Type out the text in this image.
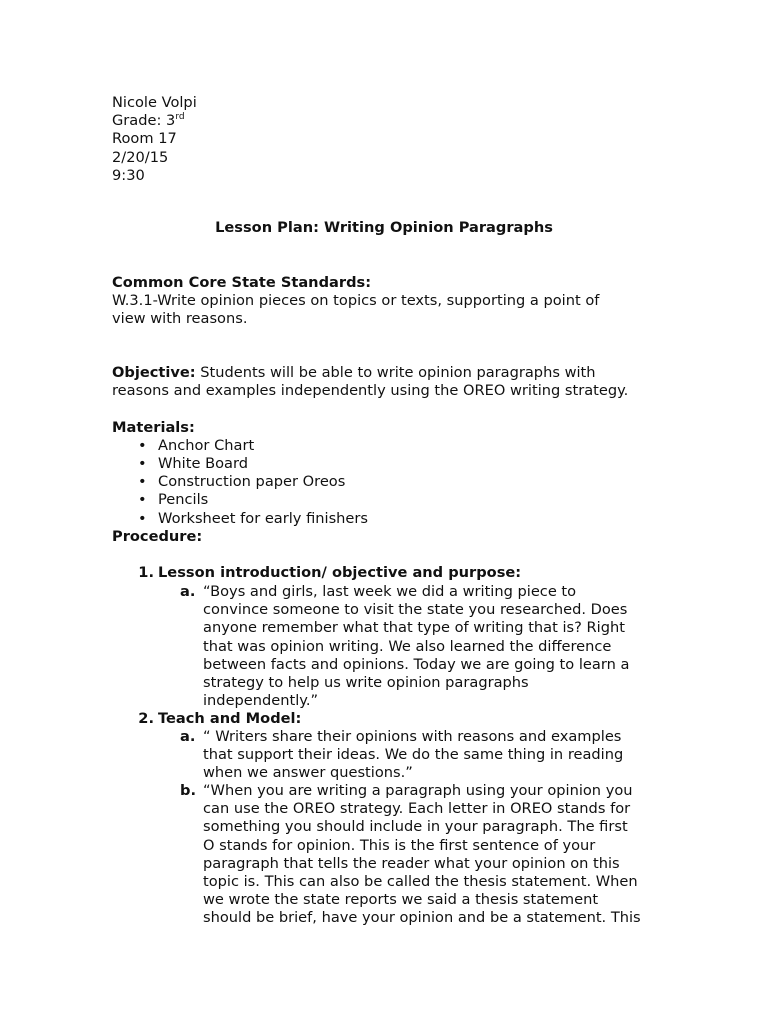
Nicole Volpi
Grade: 3rd
Room 17
2/20/15
9:30
Lesson Plan: Writing Opinion Paragraphs
Common Core State Standards:
W.3.1-Write opinion pieces on topics or texts, supporting a point of
view with reasons.
Objective: Students will be able to write opinion paragraphs with
reasons and examples independently using the OREO writing strategy.
Materials:
• Anchor Chart
• White Board
• Construction paper Oreos
• Pencils
• Worksheet for early finishers
Procedure:
1. Lesson introduction/ objective and purpose:
a. “Boys and girls, last week we did a writing piece to
convince someone to visit the state you researched. Does
anyone remember what that type of writing that is? Right
that was opinion writing. We also learned the difference
between facts and opinions. Today we are going to learn a
strategy to help us write opinion paragraphs
independently.”
2. Teach and Model:
a. “ Writers share their opinions with reasons and examples
that support their ideas. We do the same thing in reading
when we answer questions.”
b. “When you are writing a paragraph using your opinion you
can use the OREO strategy. Each letter in OREO stands for
something you should include in your paragraph. The first
O stands for opinion. This is the first sentence of your
paragraph that tells the reader what your opinion on this
topic is. This can also be called the thesis statement. When
we wrote the state reports we said a thesis statement
should be brief, have your opinion and be a statement. This
